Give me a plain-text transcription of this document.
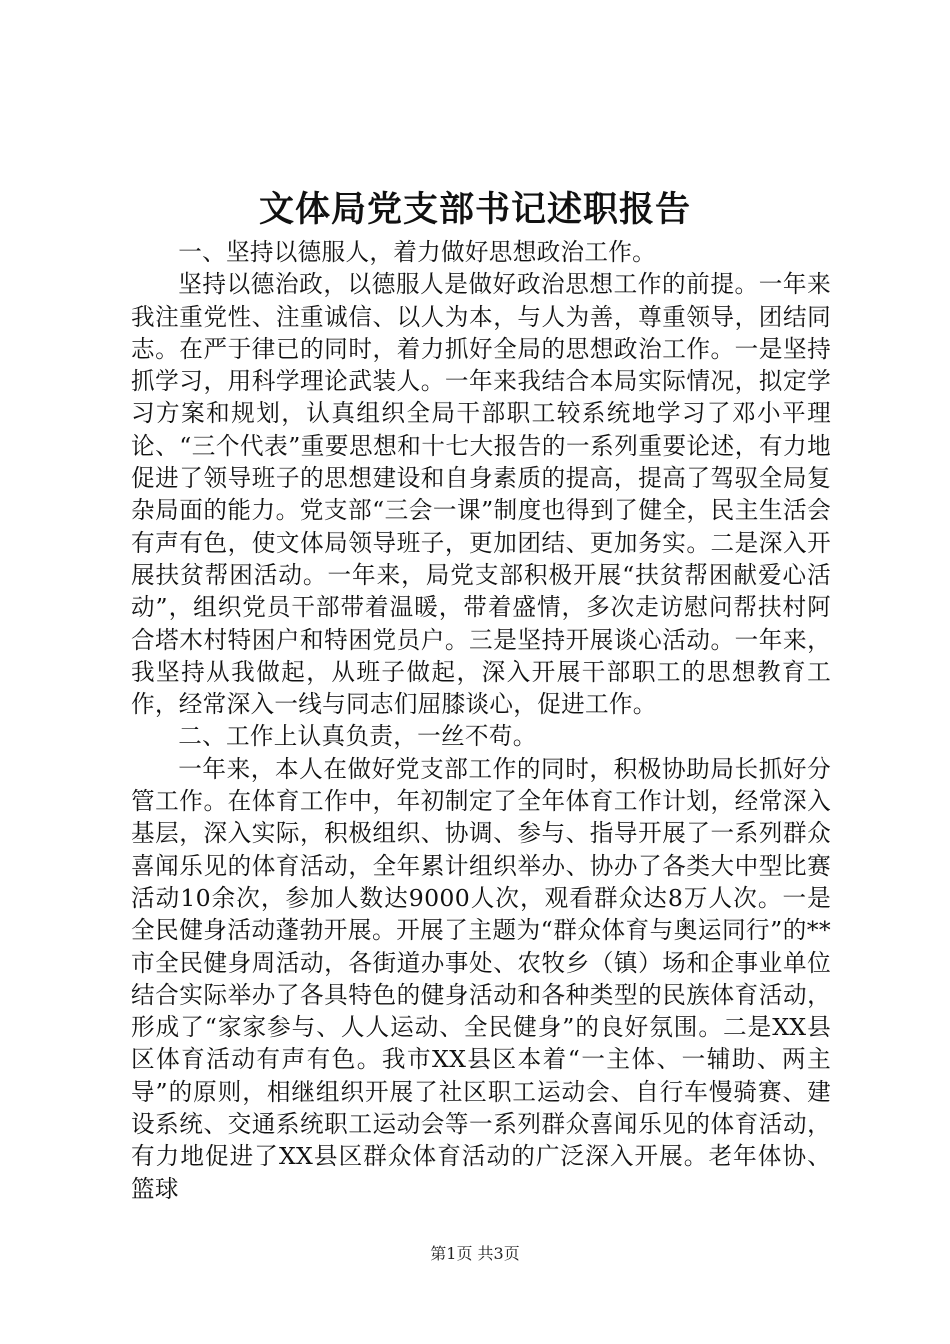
文体局党支部书记述职报告

一、坚持以德服人，着力做好思想政治工作。

坚持以德治政，以德服人是做好政治思想工作的前提。一年来我注重党性、注重诚信、以人为本，与人为善，尊重领导，团结同志。在严于律已的同时，着力抓好全局的思想政治工作。一是坚持抓学习，用科学理论武装人。一年来我结合本局实际情况，拟定学习方案和规划，认真组织全局干部职工较系统地学习了邓小平理论、“三个代表”重要思想和十七大报告的一系列重要论述，有力地促进了领导班子的思想建设和自身素质的提高，提高了驾驭全局复杂局面的能力。党支部“三会一课”制度也得到了健全，民主生活会有声有色，使文体局领导班子，更加团结、更加务实。二是深入开展扶贫帮困活动。一年来，局党支部积极开展“扶贫帮困献爱心活动”，组织党员干部带着温暖，带着盛情，多次走访慰问帮扶村阿合塔木村特困户和特困党员户。三是坚持开展谈心活动。一年来，我坚持从我做起，从班子做起，深入开展干部职工的思想教育工作，经常深入一线与同志们屈膝谈心，促进工作。

二、工作上认真负责，一丝不苟。

一年来，本人在做好党支部工作的同时，积极协助局长抓好分管工作。在体育工作中，年初制定了全年体育工作计划，经常深入基层，深入实际，积极组织、协调、参与、指导开展了一系列群众喜闻乐见的体育活动，全年累计组织举办、协办了各类大中型比赛活动10余次，参加人数达9000人次，观看群众达8万人次。一是全民健身活动蓬勃开展。开展了主题为“群众体育与奥运同行”的**市全民健身周活动，各街道办事处、农牧乡（镇）场和企事业单位结合实际举办了各具特色的健身活动和各种类型的民族体育活动，形成了“家家参与、人人运动、全民健身”的良好氛围。二是XX县区体育活动有声有色。我市XX县区本着“一主体、一辅助、两主导”的原则，相继组织开展了社区职工运动会、自行车慢骑赛、建设系统、交通系统职工运动会等一系列群众喜闻乐见的体育活动，有力地促进了XX县区群众体育活动的广泛深入开展。老年体协、篮球

第1页 共3页
